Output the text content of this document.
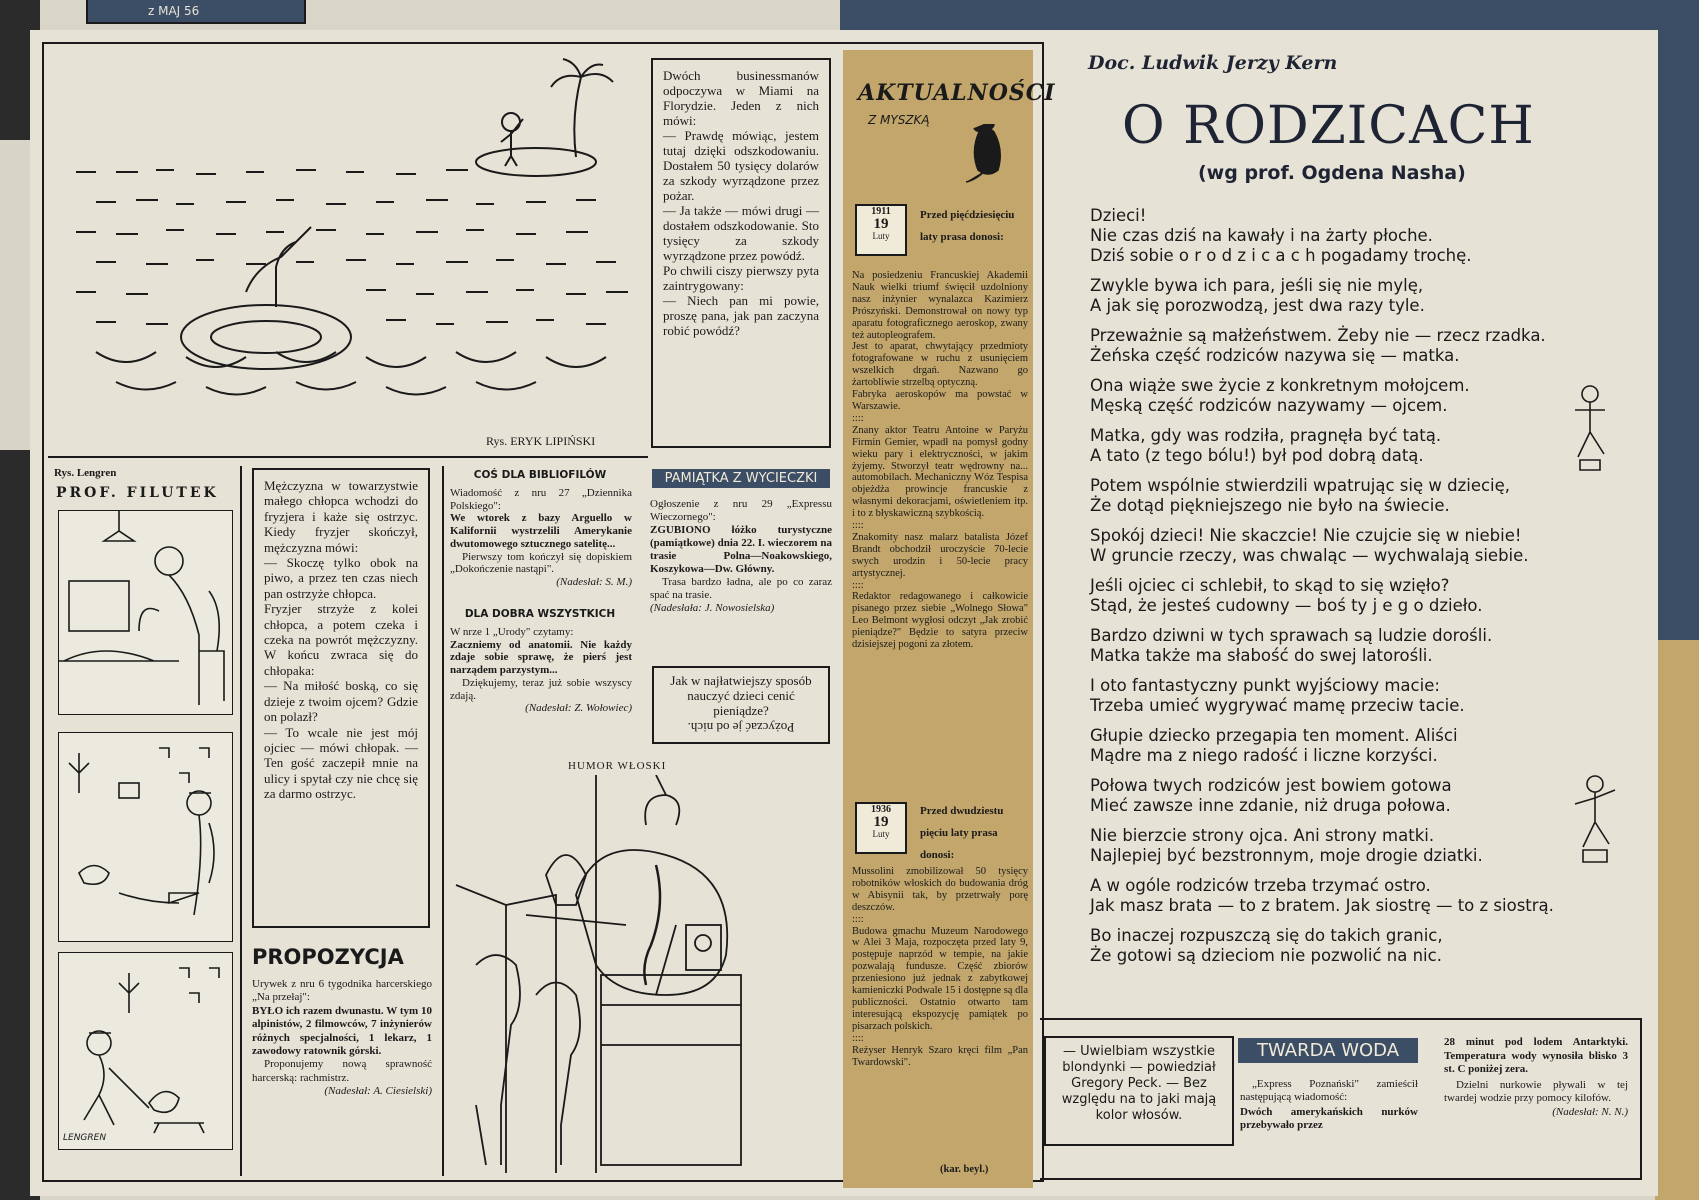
z MAJ 56
Rys. ERYK LIPIŃSKI
Dwóch businessmanów odpoczywa w Miami na Florydzie. Jeden z nich mówi:
— Prawdę mówiąc, jestem tutaj dzięki odszkodowaniu. Dostałem 50 tysięcy dolarów za szkody wyrządzone przez pożar.
— Ja także — mówi drugi — dostałem odszkodowanie. Sto tysięcy za szkody wyrządzone przez powódź.
Po chwili ciszy pierwszy pyta zaintrygowany:
— Niech pan mi powie, proszę pana, jak pan zaczyna robić powódź?
AKTUALNOŚCI
Z MYSZKĄ
1911
19
Luty
Przed pięćdziesięciu laty prasa donosi:
Na posiedzeniu Francuskiej Akademii Nauk wielki triumf święcił uzdolniony nasz inżynier wynalazca Kazimierz Prószyński. Demonstrował on nowy typ aparatu fotograficznego aeroskop, zwany też autopleografem.
Jest to aparat, chwytający przedmioty fotografowane w ruchu z usunięciem wszelkich drgań. Nazwano go żartobliwie strzelbą optyczną.
Fabryka aeroskopów ma powstać w Warszawie.
::::
Znany aktor Teatru Antoine w Paryżu Firmin Gemier, wpadł na pomysł godny wieku pary i elektryczności, w jakim żyjemy. Stworzył teatr wędrowny na... automobilach. Mechaniczny Wóz Tespisa objeżdża prowincje francuskie z własnymi dekoracjami, oświetleniem itp. i to z błyskawiczną szybkością.
::::
Znakomity nasz malarz batalista Józef Brandt obchodził uroczyście 70-lecie swych urodzin i 50-lecie pracy artystycznej.
::::
Redaktor redagowanego i całkowicie pisanego przez siebie „Wolnego Słowa" Leo Belmont wygłosi odczyt „Jak zrobić pieniądze?" Będzie to satyra przeciw dzisiejszej pogoni za złotem.
1936
19
Luty
Przed dwudziestu pięciu laty prasa donosi:
Mussolini zmobilizował 50 tysięcy robotników włoskich do budowania dróg w Abisynii tak, by przetrwały porę deszczów.
::::
Budowa gmachu Muzeum Narodowego w Alei 3 Maja, rozpoczęta przed laty 9, postępuje naprzód w tempie, na jakie pozwalają fundusze. Część zbiorów przeniesiono już jednak z zabytkowej kamieniczki Podwale 15 i dostępne są dla publiczności. Ostatnio otwarto tam interesującą ekspozycję pamiątek po pisarzach polskich.
::::
Reżyser Henryk Szaro kręci film „Pan Twardowski".
(kar. beyl.)
Rys. Lengren
PROF. FILUTEK
LENGREN
Mężczyzna w towarzystwie małego chłopca wchodzi do fryzjera i każe się ostrzyc. Kiedy fryzjer skończył, mężczyzna mówi:
— Skoczę tylko obok na piwo, a przez ten czas niech pan ostrzyże chłopca.
Fryzjer strzyże z kolei chłopca, a potem czeka i czeka na powrót mężczyzny. W końcu zwraca się do chłopaka:
— Na miłość boską, co się dzieje z twoim ojcem? Gdzie on polazł?
— To wcale nie jest mój ojciec — mówi chłopak. — Ten gość zaczepił mnie na ulicy i spytał czy nie chcę się za darmo ostrzyc.
PROPOZYCJA
Urywek z nru 6 tygodnika harcerskiego „Na przełaj":
BYŁO ich razem dwunastu. W tym 10 alpinistów, 2 filmowców, 7 inżynierów różnych specjalności, 1 lekarz, 1 zawodowy ratownik górski.
Proponujemy nową sprawność harcerską: rachmistrz.
(Nadesłał: A. Ciesielski)
COŚ DLA BIBLIOFILÓW
Wiadomość z nru 27 „Dziennika Polskiego":
We wtorek z bazy Arguello w Kalifornii wystrzelili Amerykanie dwutomowego sztucznego satelitę...
Pierwszy tom kończył się dopiskiem „Dokończenie nastąpi".
(Nadesłał: S. M.)
DLA DOBRA WSZYSTKICH
W nrze 1 „Urody" czytamy:
Zaczniemy od anatomii. Nie każdy zdaje sobie sprawę, że pierś jest narządem parzystym...
Dziękujemy, teraz już sobie wszyscy zdają.
(Nadesłał: Z. Wołowiec)
PAMIĄTKA Z WYCIECZKI
Ogłoszenie z nru 29 „Expressu Wieczornego":
ZGUBIONO łóżko turystyczne (pamiątkowe) dnia 22. I. wieczorem na trasie Polna—Noakowskiego, Koszykowa—Dw. Główny.
Trasa bardzo ładna, ale po co zaraz spać na trasie.
(Nadesłała: J. Nowosielska)
Jak w najłatwiejszy sposób nauczyć dzieci cenić pieniądze?
Pożyczać je od nich.
HUMOR WŁOSKI
Doc. Ludwik Jerzy Kern
O RODZICACH
(wg prof. Ogdena Nasha)
Dzieci!
Nie czas dziś na kawały i na żarty płoche.
Dziś sobie o r o d z i c a c h pogadamy trochę.
Zwykle bywa ich para, jeśli się nie mylę,
A jak się porozwodzą, jest dwa razy tyle.
Przeważnie są małżeństwem. Żeby nie — rzecz rzadka.
Żeńska część rodziców nazywa się — matka.
Ona wiąże swe życie z konkretnym mołojcem.
Męską część rodziców nazywamy — ojcem.
Matka, gdy was rodziła, pragnęła być tatą.
A tato (z tego bólu!) był pod dobrą datą.
Potem wspólnie stwierdzili wpatrując się w dziecię,
Że dotąd piękniejszego nie było na świecie.
Spokój dzieci! Nie skaczcie! Nie czujcie się w niebie!
W gruncie rzeczy, was chwaląc — wychwalają siebie.
Jeśli ojciec ci schlebił, to skąd to się wzięło?
Stąd, że jesteś cudowny — boś ty j e g o dzieło.
Bardzo dziwni w tych sprawach są ludzie dorośli.
Matka także ma słabość do swej latorośli.
I oto fantastyczny punkt wyjściowy macie:
Trzeba umieć wygrywać mamę przeciw tacie.
Głupie dziecko przegapia ten moment. Aliści
Mądre ma z niego radość i liczne korzyści.
Połowa twych rodziców jest bowiem gotowa
Mieć zawsze inne zdanie, niż druga połowa.
Nie bierzcie strony ojca. Ani strony matki.
Najlepiej być bezstronnym, moje drogie dziatki.
A w ogóle rodziców trzeba trzymać ostro.
Jak masz brata — to z bratem. Jak siostrę — to z siostrą.
Bo inaczej rozpuszczą się do takich granic,
Że gotowi są dzieciom nie pozwolić na nic.
— Uwielbiam wszystkie blondynki — powiedział Gregory Peck. — Bez względu na to jaki mają kolor włosów.
TWARDA WODA
„Express Poznański" zamieścił następującą wiadomość:
Dwóch amerykańskich nurków przebywało przez
28 minut pod lodem Antarktyki. Temperatura wody wynosiła blisko 3 st. C poniżej zera.
Dzielni nurkowie pływali w tej twardej wodzie przy pomocy kilofów.
(Nadesłał: N. N.)
